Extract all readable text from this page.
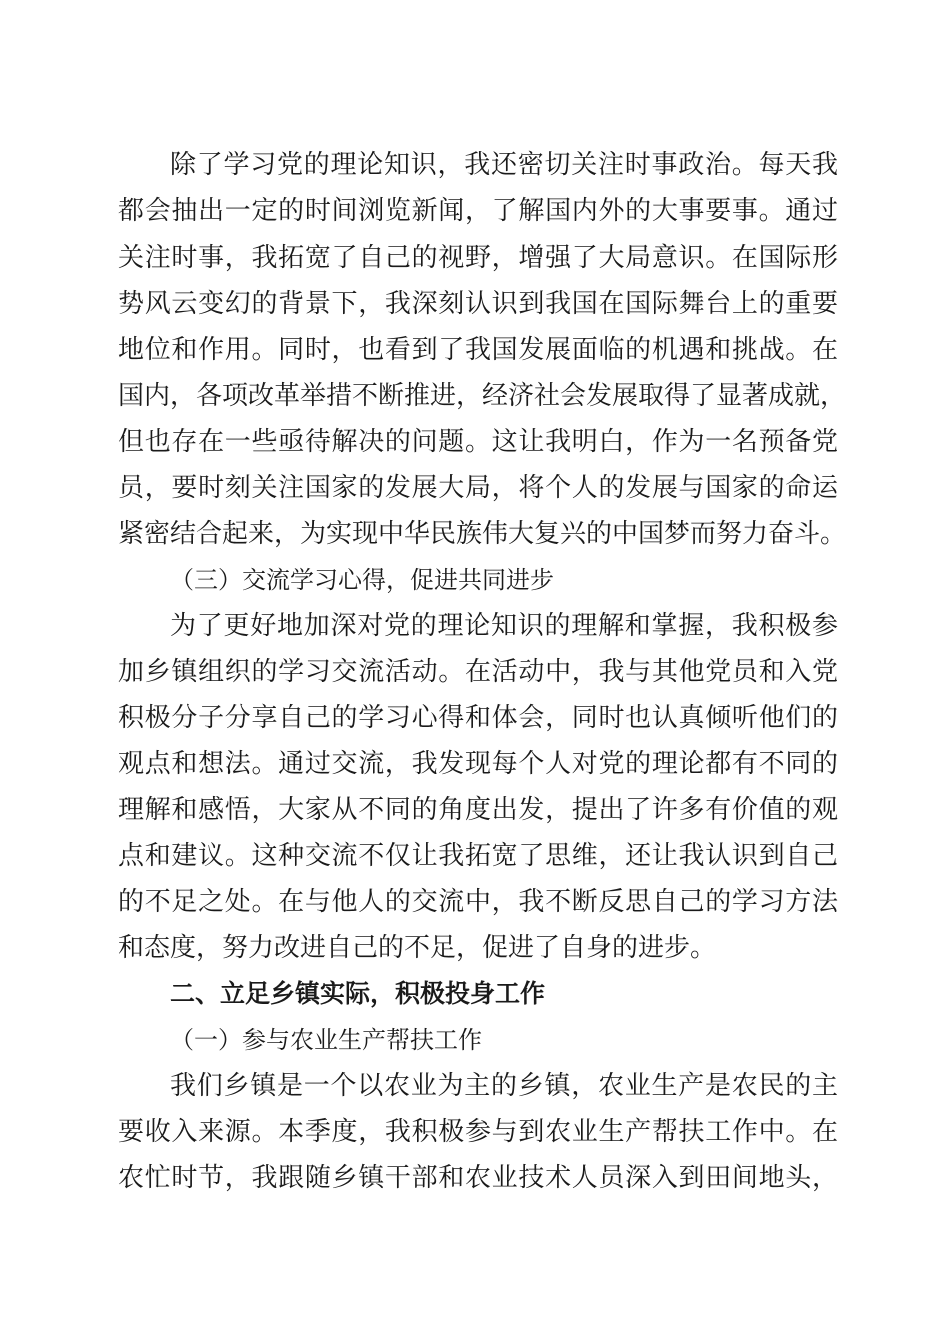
除了学习党的理论知识，我还密切关注时事政治。每天我
都会抽出一定的时间浏览新闻，了解国内外的大事要事。通过
关注时事，我拓宽了自己的视野，增强了大局意识。在国际形
势风云变幻的背景下，我深刻认识到我国在国际舞台上的重要
地位和作用。同时，也看到了我国发展面临的机遇和挑战。在
国内，各项改革举措不断推进，经济社会发展取得了显著成就，
但也存在一些亟待解决的问题。这让我明白，作为一名预备党
员，要时刻关注国家的发展大局，将个人的发展与国家的命运
紧密结合起来，为实现中华民族伟大复兴的中国梦而努力奋斗。
（三）交流学习心得，促进共同进步
为了更好地加深对党的理论知识的理解和掌握，我积极参
加乡镇组织的学习交流活动。在活动中，我与其他党员和入党
积极分子分享自己的学习心得和体会，同时也认真倾听他们的
观点和想法。通过交流，我发现每个人对党的理论都有不同的
理解和感悟，大家从不同的角度出发，提出了许多有价值的观
点和建议。这种交流不仅让我拓宽了思维，还让我认识到自己
的不足之处。在与他人的交流中，我不断反思自己的学习方法
和态度，努力改进自己的不足，促进了自身的进步。
二、立足乡镇实际，积极投身工作
（一）参与农业生产帮扶工作
我们乡镇是一个以农业为主的乡镇，农业生产是农民的主
要收入来源。本季度，我积极参与到农业生产帮扶工作中。在
农忙时节，我跟随乡镇干部和农业技术人员深入到田间地头，
